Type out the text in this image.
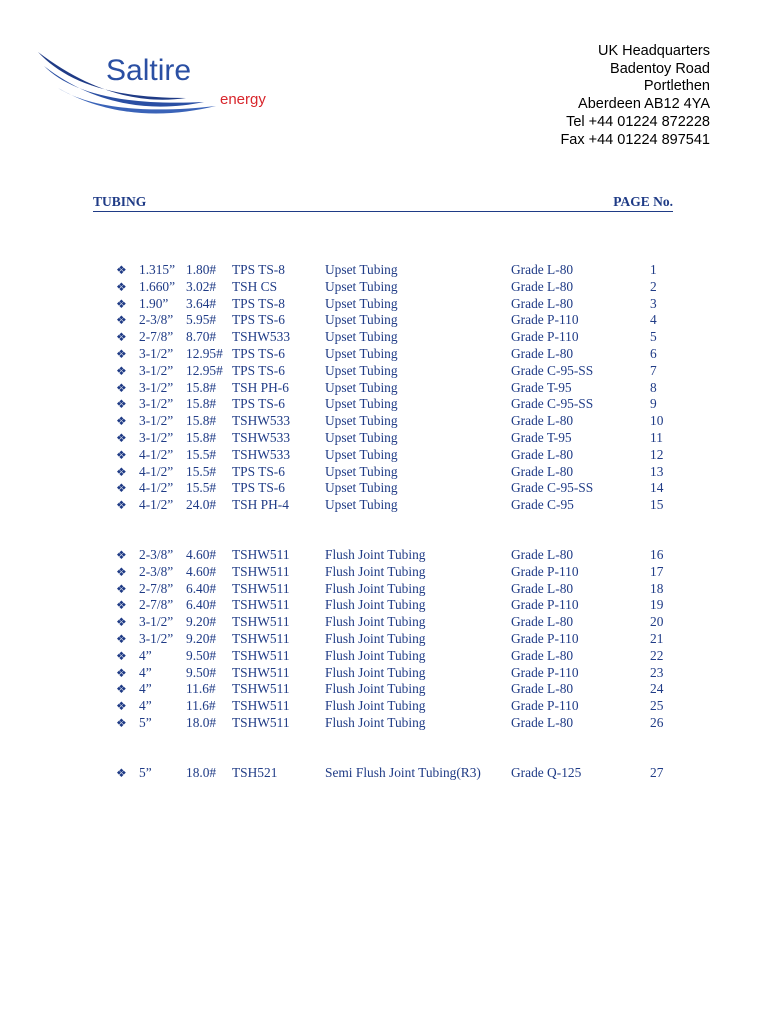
Saltire
energy
UK Headquarters
Badentoy Road
Portlethen
Aberdeen AB12 4YA
Tel +44 01224 872228
Fax +44 01224 897541
TUBING	PAGE No.
❖ 1.315” 1.80# TPS TS-8	Upset Tubing	Grade L-80	1
❖ 1.660” 3.02# TSH CS	Upset Tubing	Grade L-80	2
❖ 1.90” 3.64# TPS TS-8	Upset Tubing	Grade L-80	3
❖ 2-3/8” 5.95# TPS TS-6	Upset Tubing	Grade P-110	4
❖ 2-7/8” 8.70# TSHW533	Upset Tubing	Grade P-110	5
❖ 3-1/2” 12.95# TPS TS-6	Upset Tubing	Grade L-80	6
❖ 3-1/2” 12.95# TPS TS-6	Upset Tubing	Grade C-95-SS	7
❖ 3-1/2” 15.8# TSH PH-6	Upset Tubing	Grade T-95	8
❖ 3-1/2” 15.8# TPS TS-6	Upset Tubing	Grade C-95-SS	9
❖ 3-1/2” 15.8# TSHW533	Upset Tubing	Grade L-80	10
❖ 3-1/2” 15.8# TSHW533	Upset Tubing	Grade T-95	11
❖ 4-1/2” 15.5# TSHW533	Upset Tubing	Grade L-80	12
❖ 4-1/2” 15.5# TPS TS-6	Upset Tubing	Grade L-80	13
❖ 4-1/2” 15.5# TPS TS-6	Upset Tubing	Grade C-95-SS	14
❖ 4-1/2” 24.0# TSH PH-4	Upset Tubing	Grade C-95	15
❖ 2-3/8” 4.60# TSHW511	Flush Joint Tubing	Grade L-80	16
❖ 2-3/8” 4.60# TSHW511	Flush Joint Tubing	Grade P-110	17
❖ 2-7/8” 6.40# TSHW511	Flush Joint Tubing	Grade L-80	18
❖ 2-7/8” 6.40# TSHW511	Flush Joint Tubing	Grade P-110	19
❖ 3-1/2” 9.20# TSHW511	Flush Joint Tubing	Grade L-80	20
❖ 3-1/2” 9.20# TSHW511	Flush Joint Tubing	Grade P-110	21
❖ 4”	9.50# TSHW511	Flush Joint Tubing	Grade L-80	22
❖ 4”	9.50# TSHW511	Flush Joint Tubing	Grade P-110	23
❖ 4”	11.6# TSHW511	Flush Joint Tubing	Grade L-80	24
❖ 4”	11.6# TSHW511	Flush Joint Tubing	Grade P-110	25
❖ 5”	18.0# TSHW511	Flush Joint Tubing	Grade L-80	26
❖ 5”	18.0# TSH521	Semi Flush Joint Tubing(R3) Grade Q-125	27
